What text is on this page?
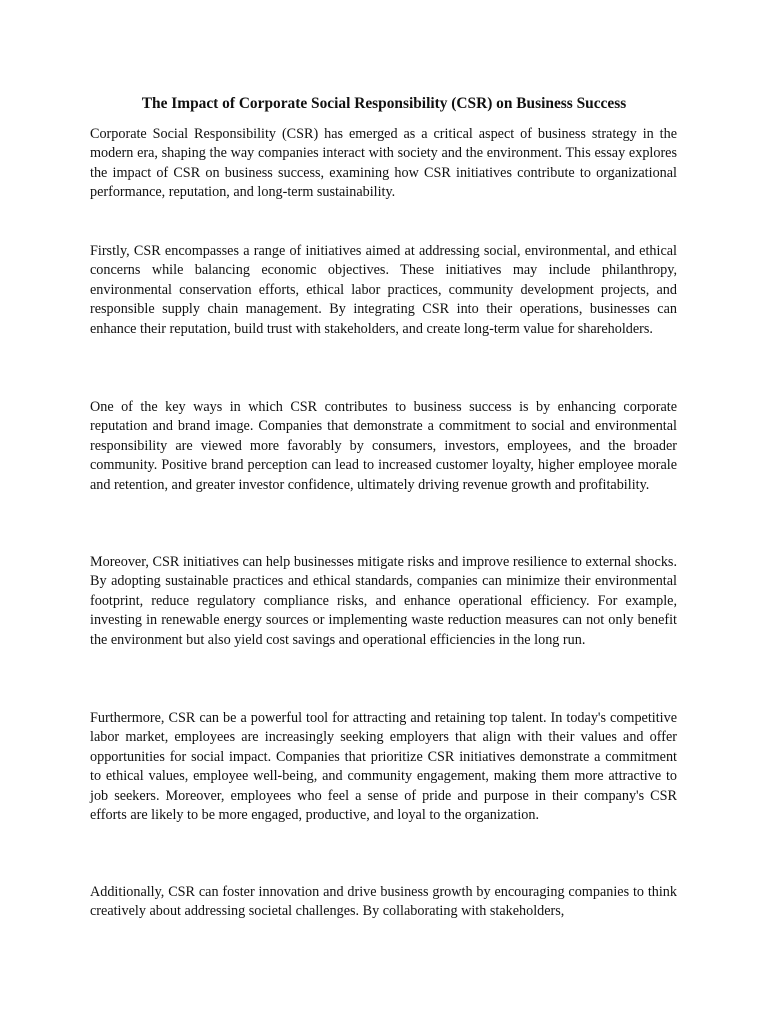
The Impact of Corporate Social Responsibility (CSR) on Business Success

Corporate Social Responsibility (CSR) has emerged as a critical aspect of business strategy in the modern era, shaping the way companies interact with society and the environment. This essay explores the impact of CSR on business success, examining how CSR initiatives contribute to organizational performance, reputation, and long-term sustainability.

Firstly, CSR encompasses a range of initiatives aimed at addressing social, environmental, and ethical concerns while balancing economic objectives. These initiatives may include philanthropy, environmental conservation efforts, ethical labor practices, community development projects, and responsible supply chain management. By integrating CSR into their operations, businesses can enhance their reputation, build trust with stakeholders, and create long-term value for shareholders.

One of the key ways in which CSR contributes to business success is by enhancing corporate reputation and brand image. Companies that demonstrate a commitment to social and environmental responsibility are viewed more favorably by consumers, investors, employees, and the broader community. Positive brand perception can lead to increased customer loyalty, higher employee morale and retention, and greater investor confidence, ultimately driving revenue growth and profitability.

Moreover, CSR initiatives can help businesses mitigate risks and improve resilience to external shocks. By adopting sustainable practices and ethical standards, companies can minimize their environmental footprint, reduce regulatory compliance risks, and enhance operational efficiency. For example, investing in renewable energy sources or implementing waste reduction measures can not only benefit the environment but also yield cost savings and operational efficiencies in the long run.

Furthermore, CSR can be a powerful tool for attracting and retaining top talent. In today's competitive labor market, employees are increasingly seeking employers that align with their values and offer opportunities for social impact. Companies that prioritize CSR initiatives demonstrate a commitment to ethical values, employee well-being, and community engagement, making them more attractive to job seekers. Moreover, employees who feel a sense of pride and purpose in their company's CSR efforts are likely to be more engaged, productive, and loyal to the organization.

Additionally, CSR can foster innovation and drive business growth by encouraging companies to think creatively about addressing societal challenges. By collaborating with stakeholders,
